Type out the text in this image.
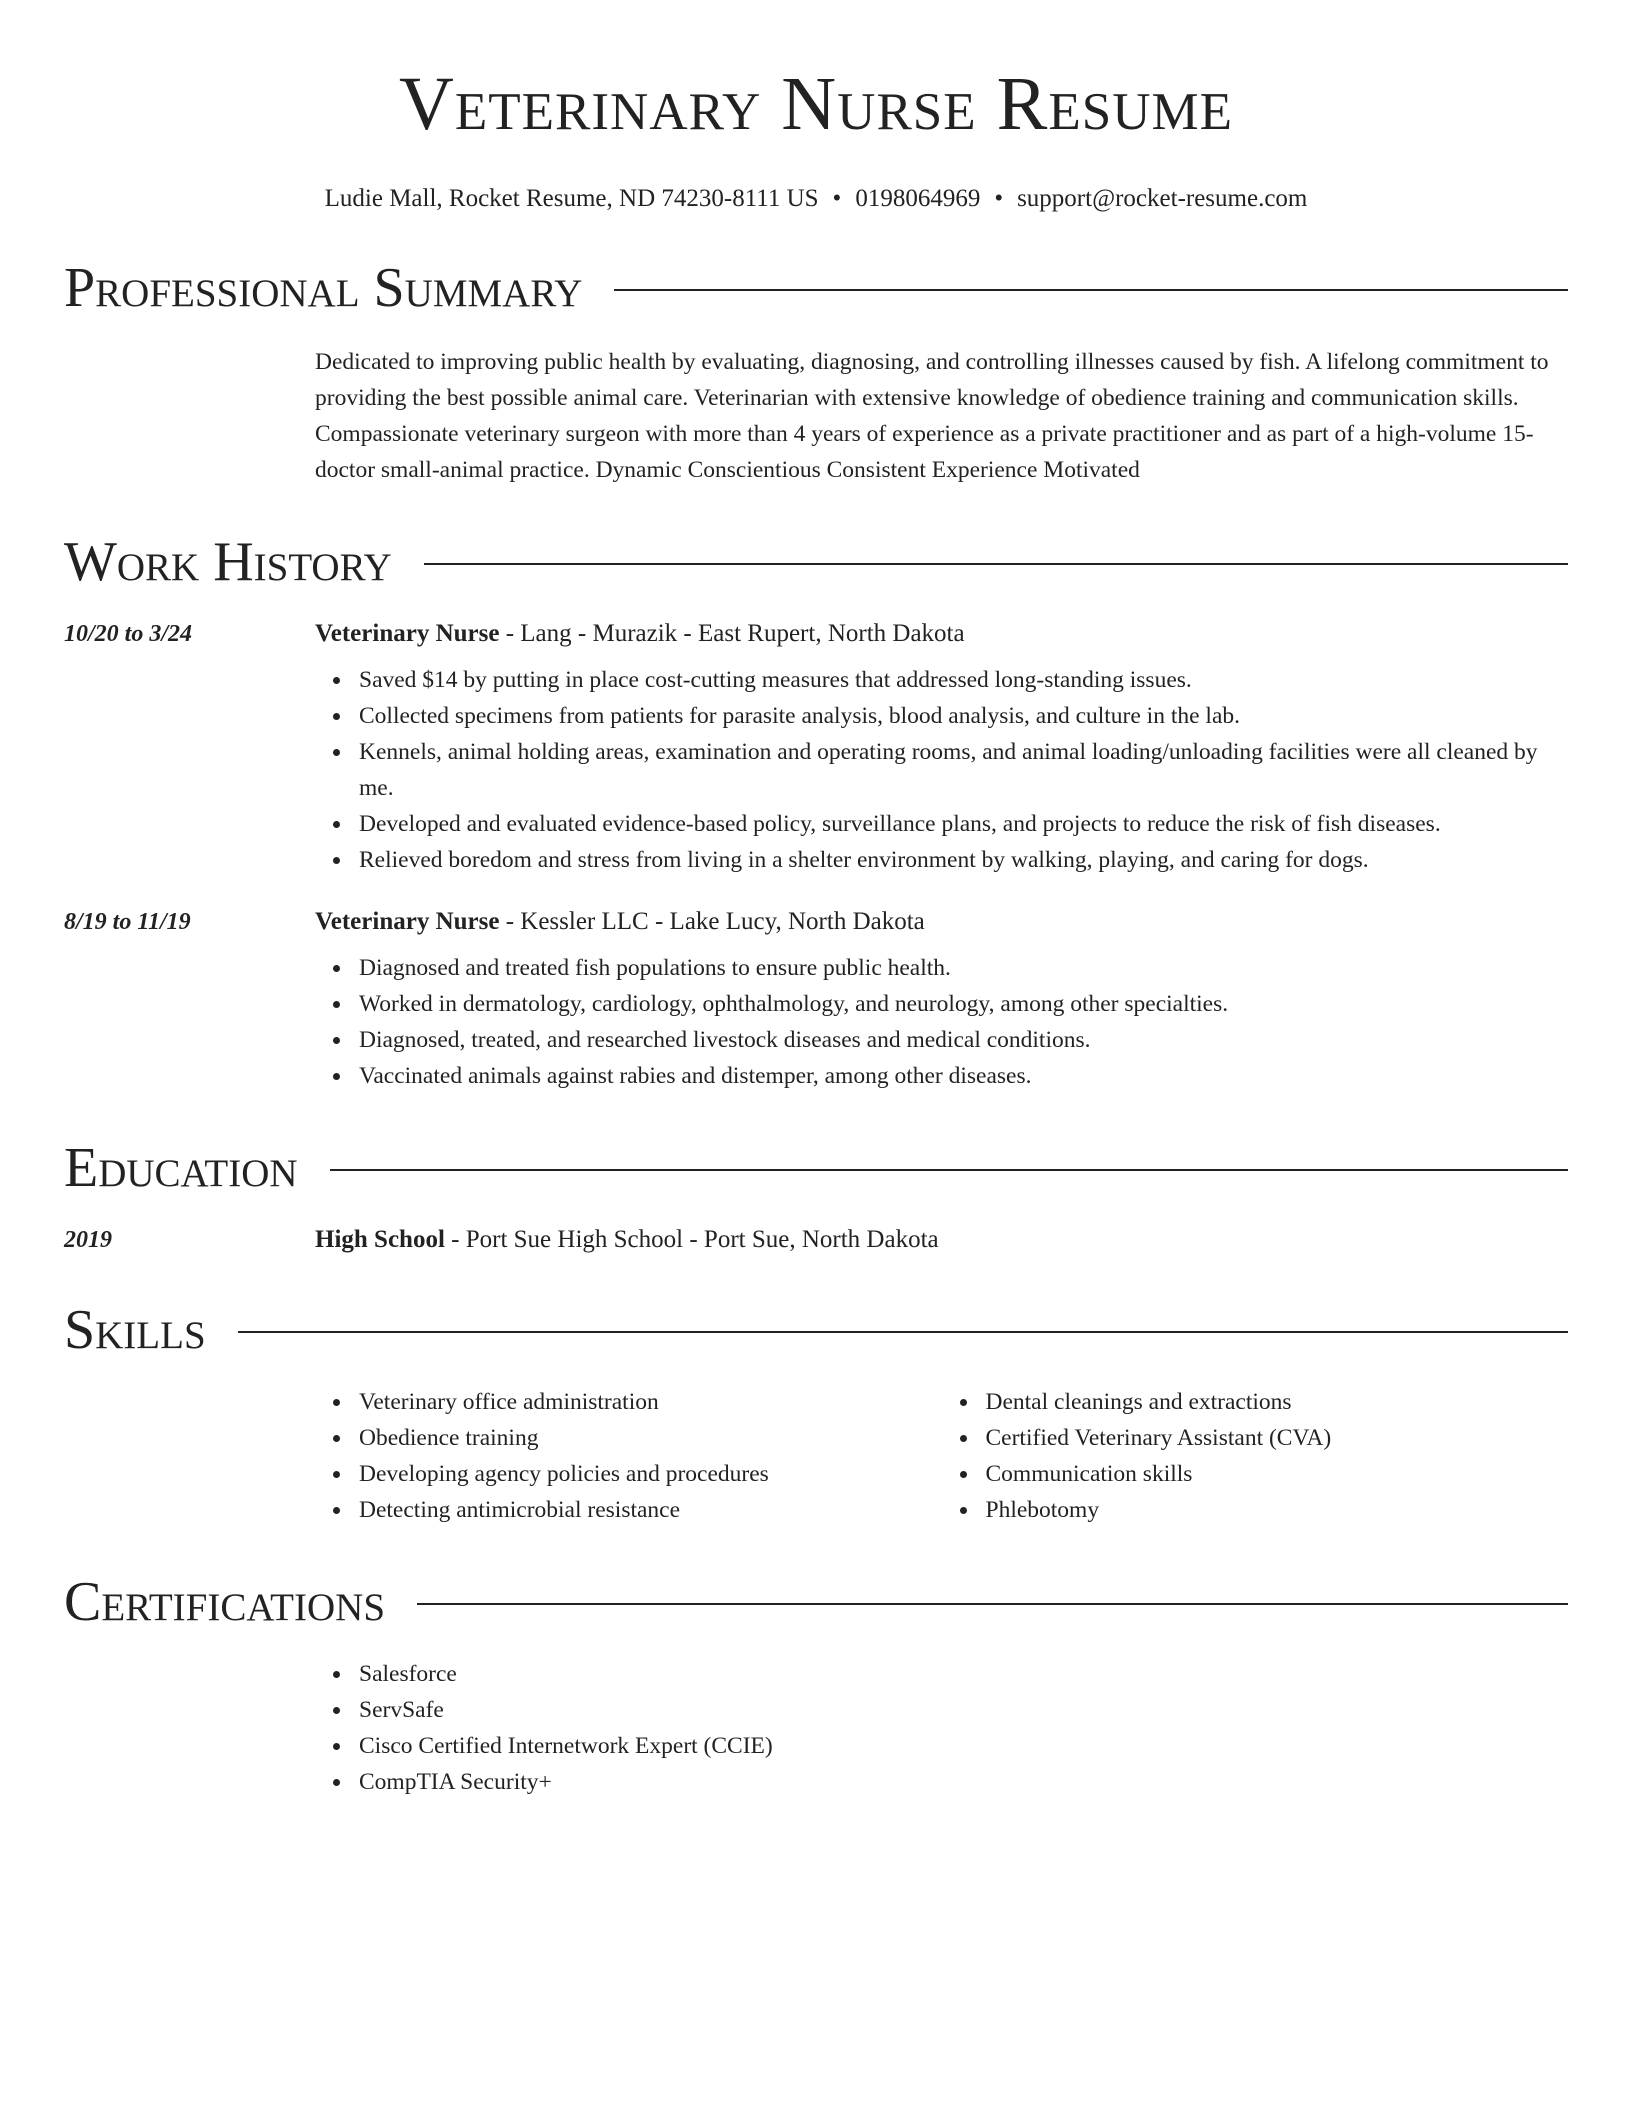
Veterinary Nurse Resume
Ludie Mall, Rocket Resume, ND 74230-8111 US • 0198064969 • support@rocket-resume.com
Professional Summary
Dedicated to improving public health by evaluating, diagnosing, and controlling illnesses caused by fish. A lifelong commitment to providing the best possible animal care. Veterinarian with extensive knowledge of obedience training and communication skills. Compassionate veterinary surgeon with more than 4 years of experience as a private practitioner and as part of a high-volume 15-doctor small-animal practice. Dynamic Conscientious Consistent Experience Motivated
Work History
10/20 to 3/24	Veterinary Nurse - Lang - Murazik - East Rupert, North Dakota
Saved $14 by putting in place cost-cutting measures that addressed long-standing issues.
Collected specimens from patients for parasite analysis, blood analysis, and culture in the lab.
Kennels, animal holding areas, examination and operating rooms, and animal loading/unloading facilities were all cleaned by me.
Developed and evaluated evidence-based policy, surveillance plans, and projects to reduce the risk of fish diseases.
Relieved boredom and stress from living in a shelter environment by walking, playing, and caring for dogs.
8/19 to 11/19	Veterinary Nurse - Kessler LLC - Lake Lucy, North Dakota
Diagnosed and treated fish populations to ensure public health.
Worked in dermatology, cardiology, ophthalmology, and neurology, among other specialties.
Diagnosed, treated, and researched livestock diseases and medical conditions.
Vaccinated animals against rabies and distemper, among other diseases.
Education
2019	High School - Port Sue High School - Port Sue, North Dakota
Skills
Veterinary office administration
Obedience training
Developing agency policies and procedures
Detecting antimicrobial resistance
Dental cleanings and extractions
Certified Veterinary Assistant (CVA)
Communication skills
Phlebotomy
Certifications
Salesforce
ServSafe
Cisco Certified Internetwork Expert (CCIE)
CompTIA Security+
